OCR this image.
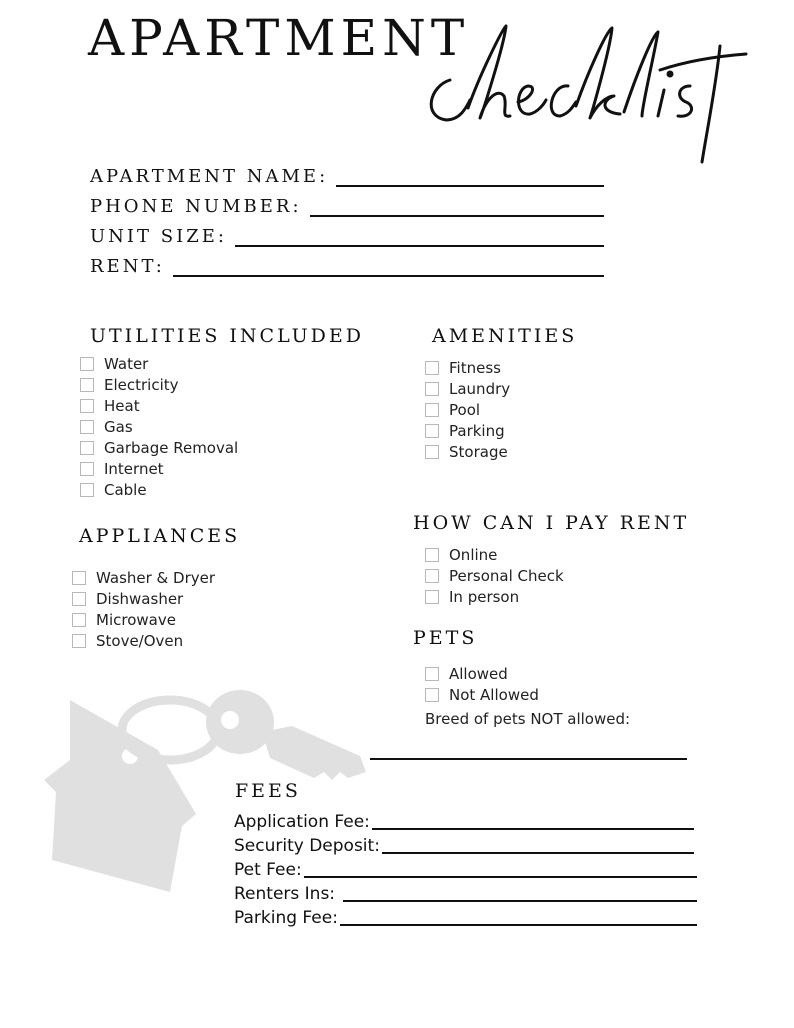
APARTMENT
APARTMENT NAME:
PHONE NUMBER:
UNIT SIZE:
RENT:
UTILITIES INCLUDED
Water
Electricity
Heat
Gas
Garbage Removal
Internet
Cable
AMENITIES
Fitness
Laundry
Pool
Parking
Storage
APPLIANCES
Washer & Dryer
Dishwasher
Microwave
Stove/Oven
HOW CAN I PAY RENT
Online
Personal Check
In person
PETS
Allowed
Not Allowed
Breed of pets NOT allowed:
FEES
Application Fee:
Security Deposit:
Pet Fee:
Renters Ins:
Parking Fee:
